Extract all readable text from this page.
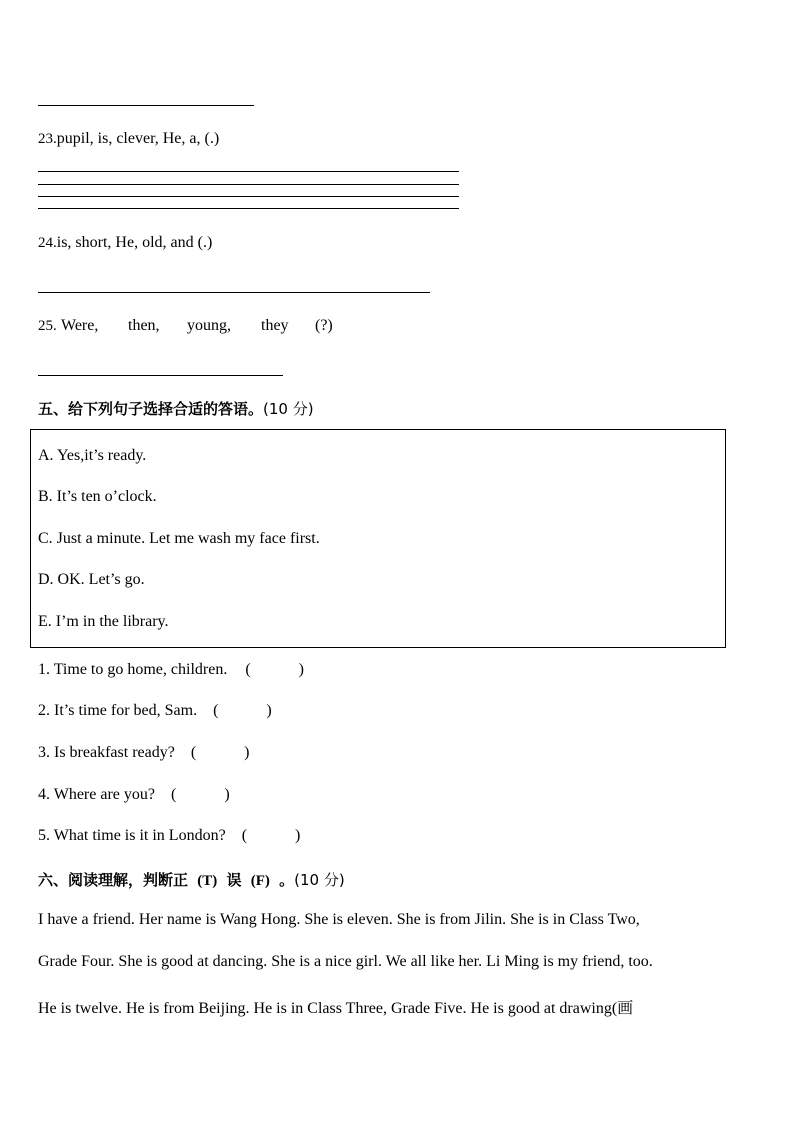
23.pupil, is, clever, He, a, (.)
24.is, short, He, old, and (.)
25. Were, then, young, they (?)
五、给下列句子选择合适的答语。(10 分)
A. Yes,it’s ready.
B. It’s ten o’clock.
C. Just a minute. Let me wash my face first.
D. OK. Let’s go.
E. I’m in the library.
1. Time to go home, children. (            )
2. It’s time for bed, Sam. (            )
3. Is breakfast ready? (            )
4. Where are you? (            )
5. What time is it in London? (            )
六、阅读理解，判断正 (T) 误 (F) 。(10 分)
I have a friend. Her name is Wang Hong. She is eleven. She is from Jilin. She is in Class Two,
Grade Four. She is good at dancing. She is a nice girl. We all like her. Li Ming is my friend, too.
He is twelve. He is from Beijing. He is in Class Three, Grade Five. He is good at drawing(画
